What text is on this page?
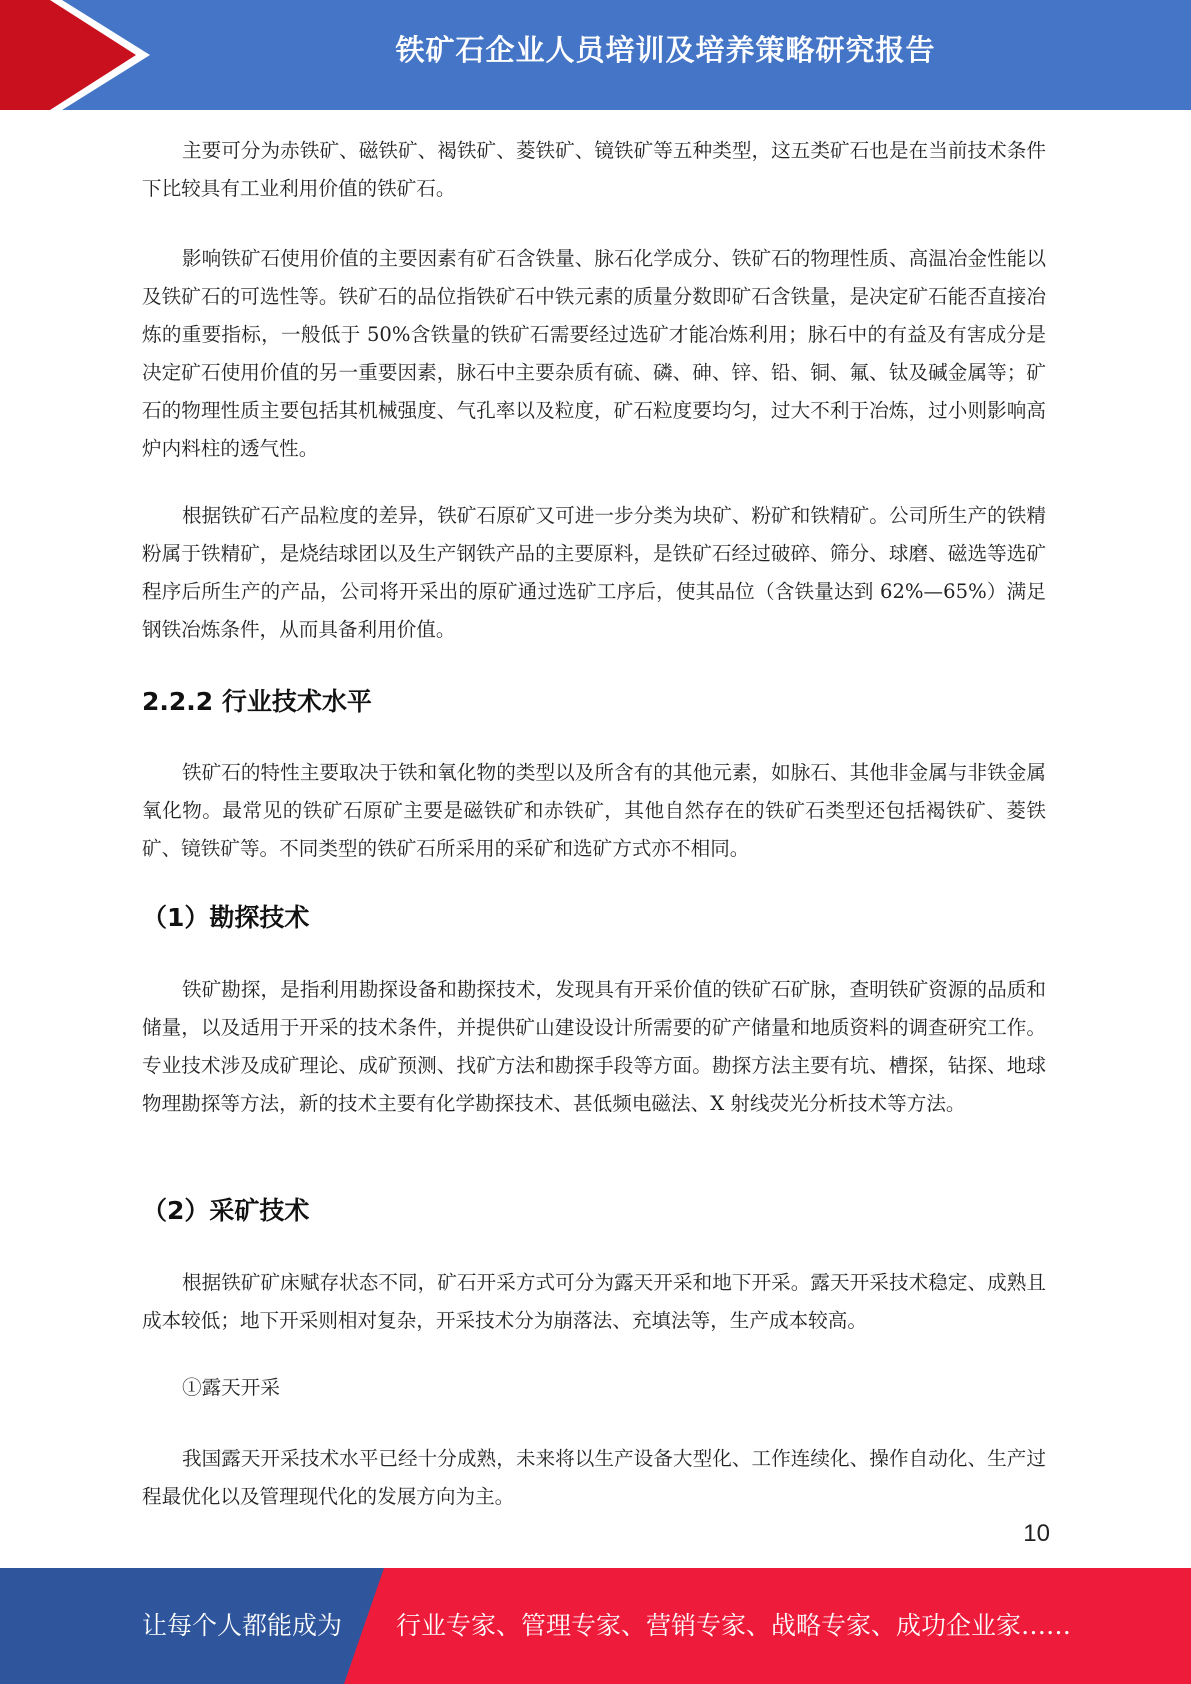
铁矿石企业人员培训及培养策略研究报告

主要可分为赤铁矿、磁铁矿、褐铁矿、菱铁矿、镜铁矿等五种类型，这五类矿石也是在当前技术条件下比较具有工业利用价值的铁矿石。

影响铁矿石使用价值的主要因素有矿石含铁量、脉石化学成分、铁矿石的物理性质、高温冶金性能以及铁矿石的可选性等。铁矿石的品位指铁矿石中铁元素的质量分数即矿石含铁量，是决定矿石能否直接冶炼的重要指标，一般低于 50%含铁量的铁矿石需要经过选矿才能冶炼利用；脉石中的有益及有害成分是决定矿石使用价值的另一重要因素，脉石中主要杂质有硫、磷、砷、锌、铅、铜、氟、钛及碱金属等；矿石的物理性质主要包括其机械强度、气孔率以及粒度，矿石粒度要均匀，过大不利于冶炼，过小则影响高炉内料柱的透气性。

根据铁矿石产品粒度的差异，铁矿石原矿又可进一步分类为块矿、粉矿和铁精矿。公司所生产的铁精粉属于铁精矿，是烧结球团以及生产钢铁产品的主要原料，是铁矿石经过破碎、筛分、球磨、磁选等选矿程序后所生产的产品，公司将开采出的原矿通过选矿工序后，使其品位（含铁量达到 62%—65%）满足钢铁冶炼条件，从而具备利用价值。

2.2.2 行业技术水平

铁矿石的特性主要取决于铁和氧化物的类型以及所含有的其他元素，如脉石、其他非金属与非铁金属氧化物。最常见的铁矿石原矿主要是磁铁矿和赤铁矿，其他自然存在的铁矿石类型还包括褐铁矿、菱铁矿、镜铁矿等。不同类型的铁矿石所采用的采矿和选矿方式亦不相同。

（1）勘探技术

铁矿勘探，是指利用勘探设备和勘探技术，发现具有开采价值的铁矿石矿脉，查明铁矿资源的品质和储量，以及适用于开采的技术条件，并提供矿山建设设计所需要的矿产储量和地质资料的调查研究工作。专业技术涉及成矿理论、成矿预测、找矿方法和勘探手段等方面。勘探方法主要有坑、槽探，钻探、地球物理勘探等方法，新的技术主要有化学勘探技术、甚低频电磁法、X 射线荧光分析技术等方法。

（2）采矿技术

根据铁矿矿床赋存状态不同，矿石开采方式可分为露天开采和地下开采。露天开采技术稳定、成熟且成本较低；地下开采则相对复杂，开采技术分为崩落法、充填法等，生产成本较高。

①露天开采

我国露天开采技术水平已经十分成熟，未来将以生产设备大型化、工作连续化、操作自动化、生产过程最优化以及管理现代化的发展方向为主。

10
让每个人都能成为 行业专家、管理专家、营销专家、战略专家、成功企业家……
